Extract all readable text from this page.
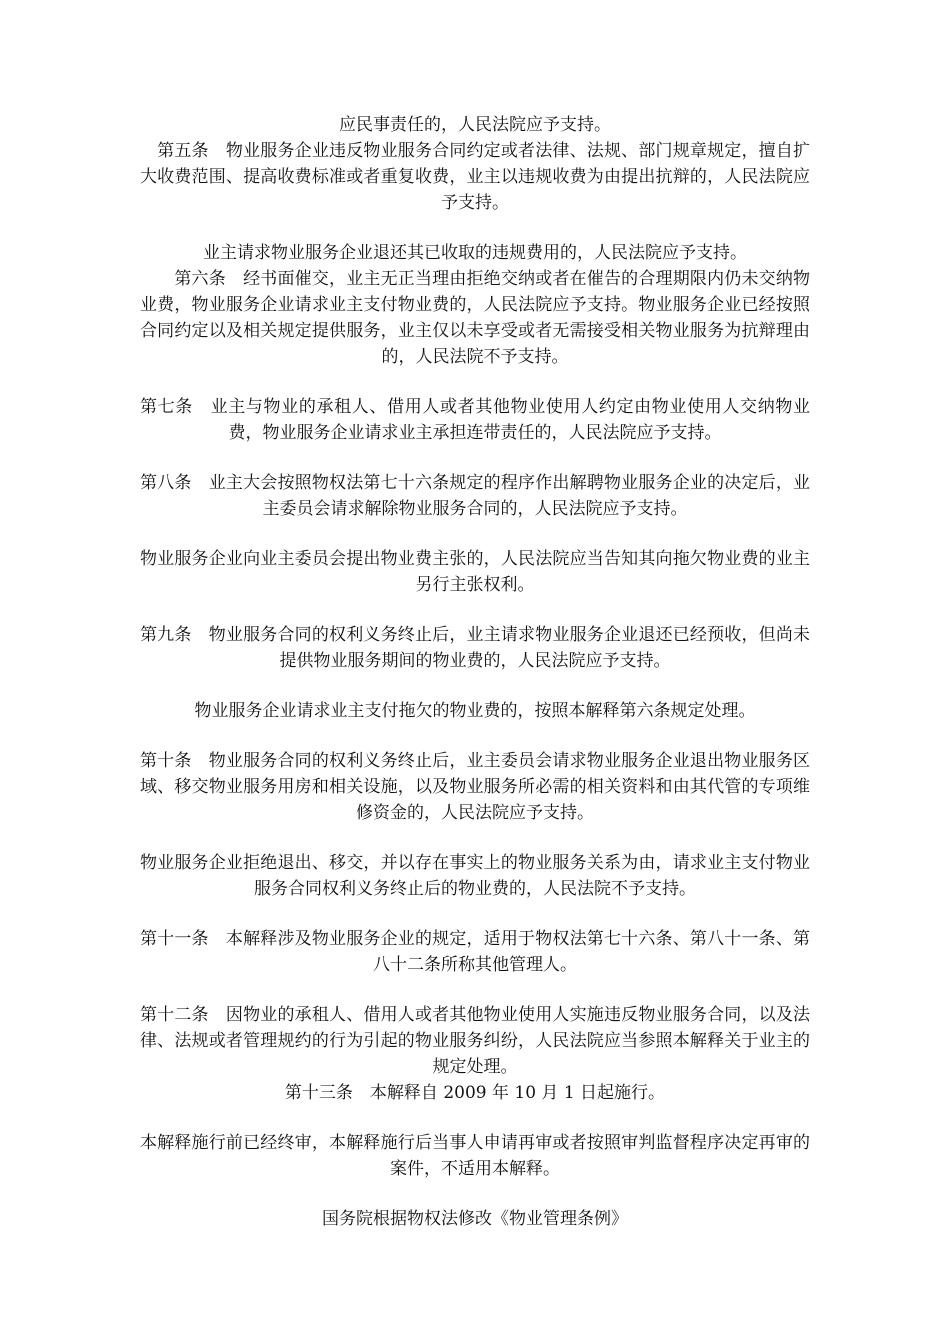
应民事责任的，人民法院应予支持。

　第五条　物业服务企业违反物业服务合同约定或者法律、法规、部门规章规定，擅自扩大收费范围、提高收费标准或者重复收费，业主以违规收费为由提出抗辩的，人民法院应予支持。

业主请求物业服务企业退还其已收取的违规费用的，人民法院应予支持。

　　第六条　经书面催交，业主无正当理由拒绝交纳或者在催告的合理期限内仍未交纳物业费，物业服务企业请求业主支付物业费的，人民法院应予支持。物业服务企业已经按照合同约定以及相关规定提供服务，业主仅以未享受或者无需接受相关物业服务为抗辩理由的，人民法院不予支持。

第七条　业主与物业的承租人、借用人或者其他物业使用人约定由物业使用人交纳物业费，物业服务企业请求业主承担连带责任的，人民法院应予支持。

第八条　业主大会按照物权法第七十六条规定的程序作出解聘物业服务企业的决定后，业主委员会请求解除物业服务合同的，人民法院应予支持。

物业服务企业向业主委员会提出物业费主张的，人民法院应当告知其向拖欠物业费的业主另行主张权利。

第九条　物业服务合同的权利义务终止后，业主请求物业服务企业退还已经预收，但尚未提供物业服务期间的物业费的，人民法院应予支持。

物业服务企业请求业主支付拖欠的物业费的，按照本解释第六条规定处理。

第十条　物业服务合同的权利义务终止后，业主委员会请求物业服务企业退出物业服务区域、移交物业服务用房和相关设施，以及物业服务所必需的相关资料和由其代管的专项维修资金的，人民法院应予支持。

物业服务企业拒绝退出、移交，并以存在事实上的物业服务关系为由，请求业主支付物业服务合同权利义务终止后的物业费的，人民法院不予支持。

第十一条　本解释涉及物业服务企业的规定，适用于物权法第七十六条、第八十一条、第八十二条所称其他管理人。

第十二条　因物业的承租人、借用人或者其他物业使用人实施违反物业服务合同，以及法律、法规或者管理规约的行为引起的物业服务纠纷，人民法院应当参照本解释关于业主的规定处理。

第十三条　本解释自 2009 年 10 月 1 日起施行。

本解释施行前已经终审，本解释施行后当事人申请再审或者按照审判监督程序决定再审的案件，不适用本解释。

国务院根据物权法修改《物业管理条例》
